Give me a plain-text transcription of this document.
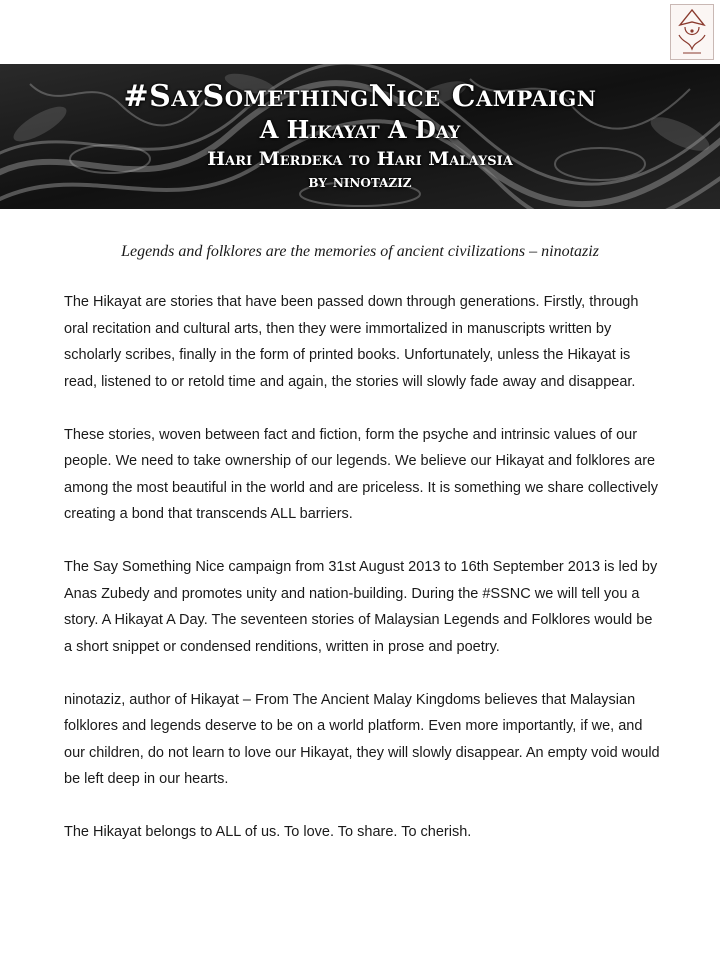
#SaySomethingNice Campaign
A Hikayat A Day
Hari Merdeka to Hari Malaysia
by ninotaziz
Legends and folklores are the memories of ancient civilizations – ninotaziz

The Hikayat are stories that have been passed down through generations. Firstly, through oral recitation and cultural arts, then they were immortalized in manuscripts written by scholarly scribes, finally in the form of printed books. Unfortunately, unless the Hikayat is read, listened to or retold time and again, the stories will slowly fade away and disappear.

These stories, woven between fact and fiction, form the psyche and intrinsic values of our people. We need to take ownership of our legends. We believe our Hikayat and folklores are among the most beautiful in the world and are priceless. It is something we share collectively creating a bond that transcends ALL barriers.

The Say Something Nice campaign from 31st August 2013 to 16th September 2013 is led by Anas Zubedy and promotes unity and nation-building. During the #SSNC we will tell you a story. A Hikayat A Day. The seventeen stories of Malaysian Legends and Folklores would be a short snippet or condensed renditions, written in prose and poetry.

ninotaziz, author of Hikayat – From The Ancient Malay Kingdoms believes that Malaysian folklores and legends deserve to be on a world platform. Even more importantly, if we, and our children, do not learn to love our Hikayat, they will slowly disappear. An empty void would be left deep in our hearts.

The Hikayat belongs to ALL of us. To love. To share. To cherish.
